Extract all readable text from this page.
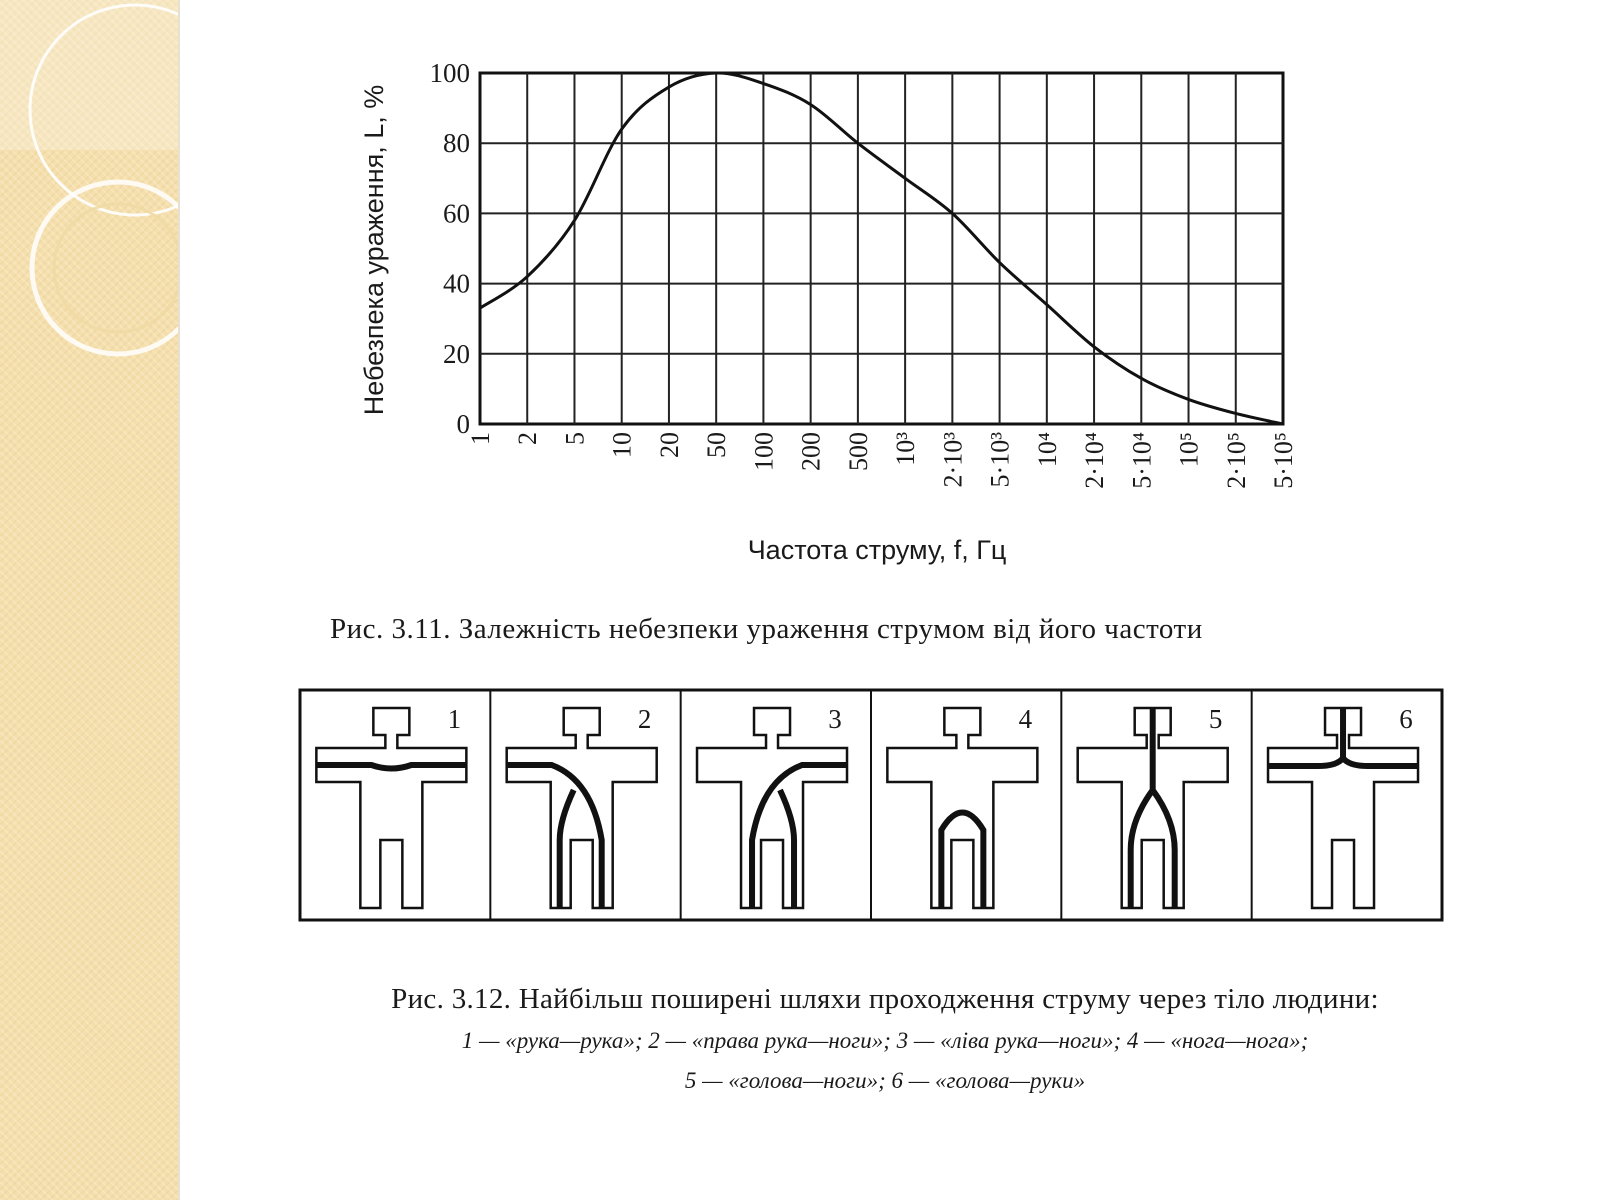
0
20
40
60
80
100
1 2 5 10 20 50 100 200 500 10³ 2·10³ 5·10³ 10⁴ 2·10⁴ 5·10⁴ 10⁵ 2·10⁵ 5·10⁵
Небезпека ураження, L, %
Частота струму, f, Гц
Рис. 3.11. Залежність небезпеки ураження струмом від його частоти
1	2	3	4	5	6
Рис. 3.12. Найбільш поширені шляхи проходження струму через тіло людини:
1 — «рука—рука»; 2 — «права рука—ноги»; 3 — «ліва рука—ноги»; 4 — «нога—нога»;
5 — «голова—ноги»; 6 — «голова—руки»
